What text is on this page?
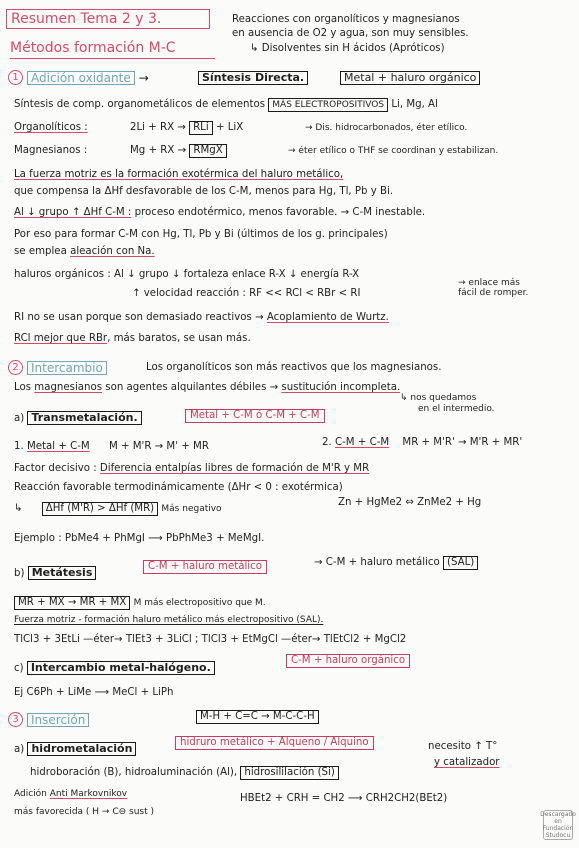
Resumen Tema 2 y 3.	Reacciones con organolíticos y magnesianos
en ausencia de O2 y agua, son muy sensibles.
↳ Disolventes sin H ácidos (Apróticos)
Métodos formación M-C
1	Adición oxidante →	Síntesis Directa.	Metal + haluro orgánico
Síntesis de comp. organometálicos de elementos MÁS ELECTROPOSITIVOS Li, Mg, Al
Organolíticos :	2Li + RX → RLi + LiX	→ Dis. hidrocarbonados, éter etílico.
Magnesianos :	Mg + RX → RMgX	→ éter etílico o THF se coordinan y estabilizan.
La fuerza motriz es la formación exotérmica del haluro metálico,
que compensa la ΔHf desfavorable de los C-M, menos para Hg, Tl, Pb y Bi.
Al ↓ grupo ↑ ΔHf C-M : proceso endotérmico, menos favorable. → C-M inestable.
Por eso para formar C-M con Hg, Tl, Pb y Bi (últimos de los g. principales)
se emplea aleación con Na.
haluros orgánicos : Al ↓ grupo ↓ fortaleza enlace R-X ↓ energía R-X
↑ velocidad reacción : RF << RCl < RBr < RI
→ enlace más
fácil de romper.
RI no se usan porque son demasiado reactivos → Acoplamiento de Wurtz.
RCl mejor que RBr, más baratos, se usan más.
2	Intercambio	Los organolíticos son más reactivos que los magnesianos.
Los magnesianos son agentes alquilantes débiles → sustitución incompleta.
↳ nos quedamos
en el intermedio.
a) Transmetalación.	Metal + C-M ó C-M + C-M
1. Metal + C-M M + M'R → M' + MR	2. C-M + C-M MR + M'R' → M'R + MR'
Factor decisivo : Diferencia entalpías libres de formación de M'R y MR
Reacción favorable termodinámicamente (ΔHr < 0 : exotérmica)
↳ ΔHf (M'R) > ΔHf (MR) Más negativo
Zn + HgMe2 ⇔ ZnMe2 + Hg
Ejemplo : PbMe4 + PhMgI ⟶ PbPhMe3 + MeMgI.
b) Metátesis	C-M + haluro metálico	→ C-M + haluro metálico (SAL)
MR + MX → MR + MX M más electropositivo que M.
Fuerza motriz - formación haluro metálico más electropositivo (SAL).
TlCl3 + 3EtLi —éter→ TlEt3 + 3LiCl ; TlCl3 + EtMgCl —éter→ TlEtCl2 + MgCl2
c) Intercambio metal-halógeno.
C-M + haluro orgánico
Ej C6Ph + LiMe ⟶ MeCl + LiPh
3	Inserción	M-H + C=C → M-C-C-H
a) hidrometalación	hidruro metálico + Alqueno / Alquino	necesito ↑ T°
y catalizador
hidroboración (B), hidroaluminación (Al), hidrosililación (Si)
Adición Anti Markovnikov
más favorecida ( H → C⊖ sust )
HBEt2 + CRH = CH2 ⟶ CRH2CH2(BEt2)
Descargado en Fundación Studocu
